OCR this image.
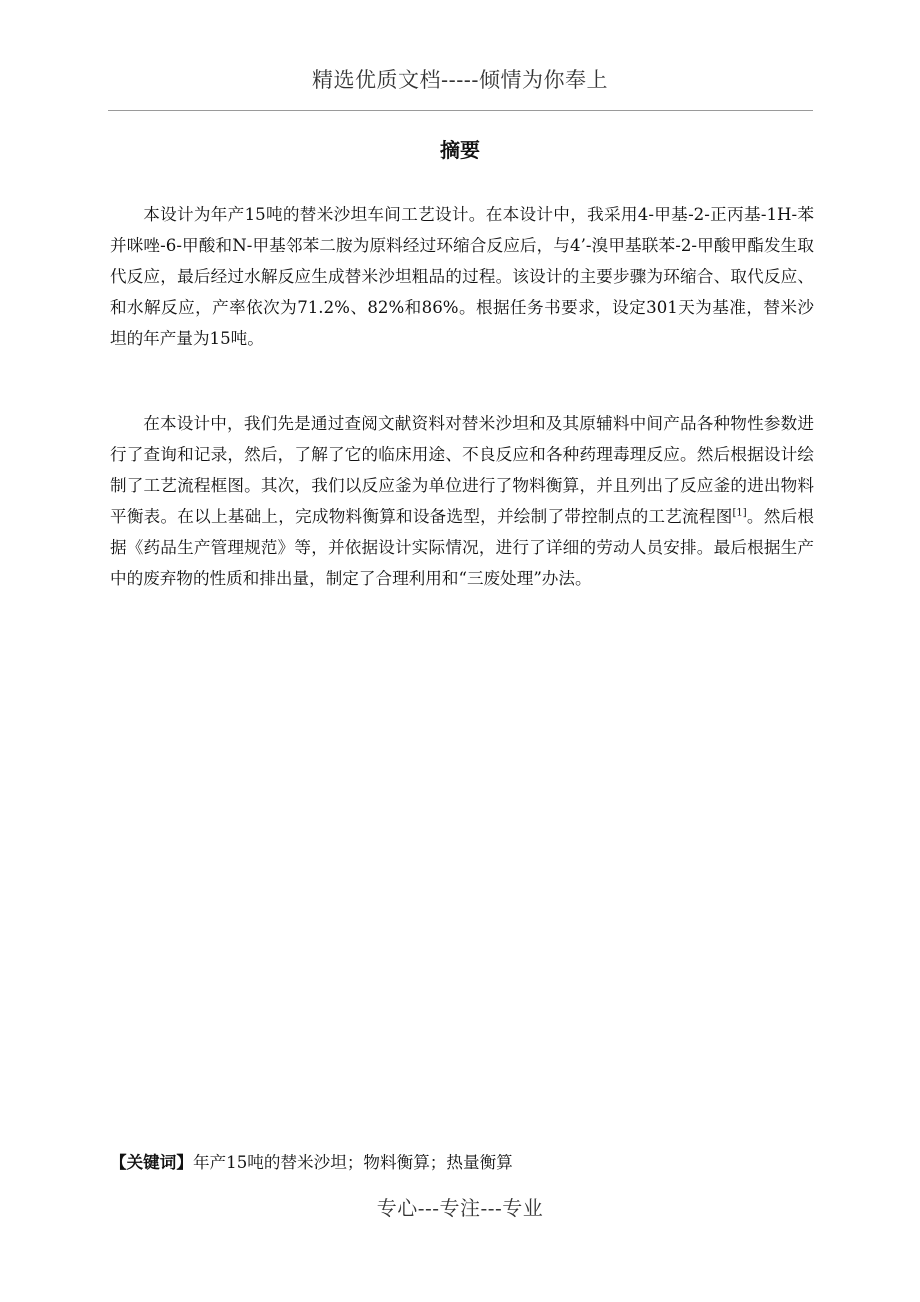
精选优质文档-----倾情为你奉上
摘要

本设计为年产15吨的替米沙坦车间工艺设计。在本设计中，我采用4-甲基-2-正丙基-1H-苯并咪唑-6-甲酸和N-甲基邻苯二胺为原料经过环缩合反应后，与4’-溴甲基联苯-2-甲酸甲酯发生取代反应，最后经过水解反应生成替米沙坦粗品的过程。该设计的主要步骤为环缩合、取代反应、和水解反应，产率依次为71.2%、82%和86%。根据任务书要求，设定301天为基准，替米沙坦的年产量为15吨。

在本设计中，我们先是通过查阅文献资料对替米沙坦和及其原辅料中间产品各种物性参数进行了查询和记录，然后，了解了它的临床用途、不良反应和各种药理毒理反应。然后根据设计绘制了工艺流程框图。其次，我们以反应釜为单位进行了物料衡算，并且列出了反应釜的进出物料平衡表。在以上基础上，完成物料衡算和设备选型，并绘制了带控制点的工艺流程图[1]。然后根据《药品生产管理规范》等，并依据设计实际情况，进行了详细的劳动人员安排。最后根据生产中的废弃物的性质和排出量，制定了合理利用和“三废处理”办法。

【关键词】年产15吨的替米沙坦；物料衡算；热量衡算
专心---专注---专业
